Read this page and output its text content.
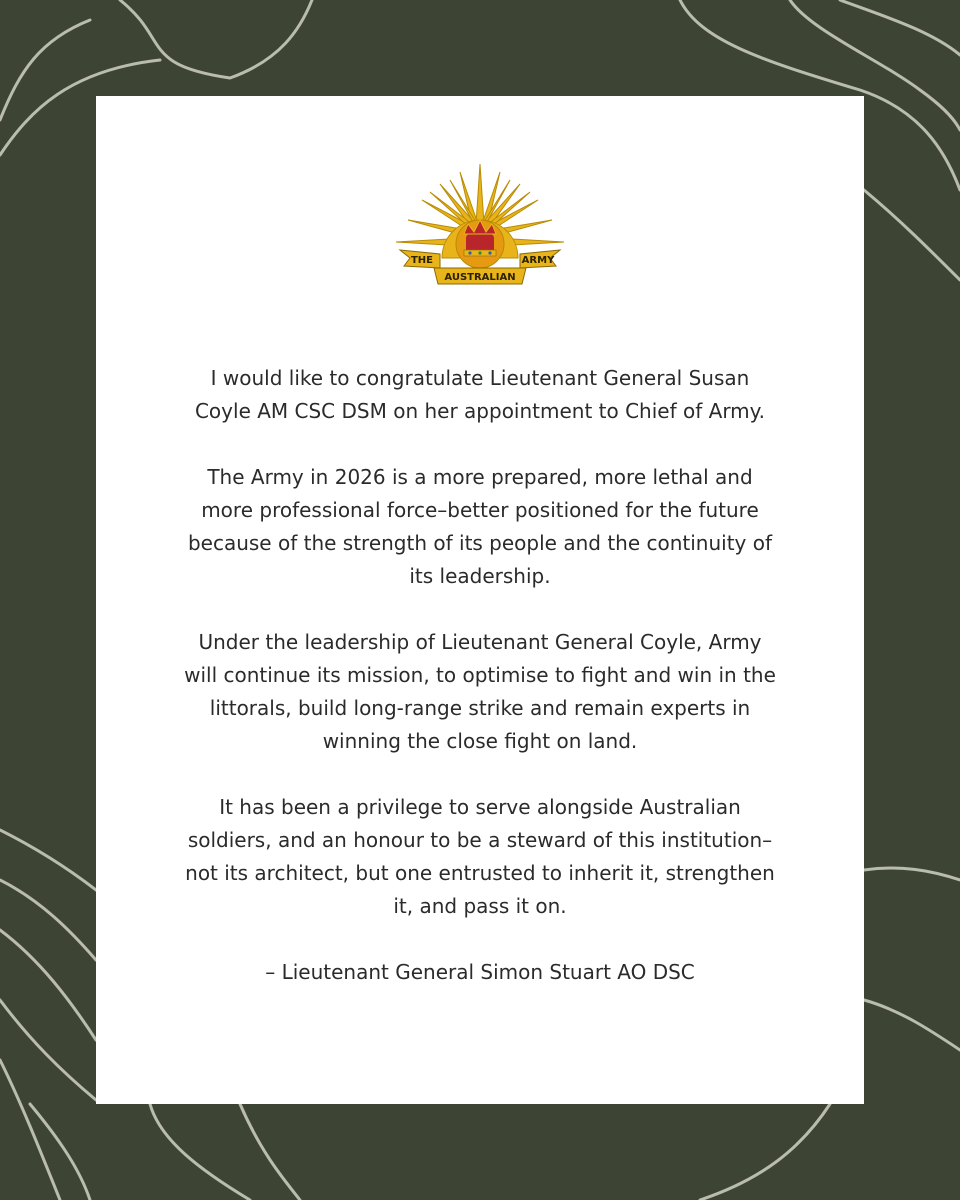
THE	ARMY
AUSTRALIAN

I would like to congratulate Lieutenant General Susan Coyle AM CSC DSM on her appointment to Chief of Army.

The Army in 2026 is a more prepared, more lethal and more professional force–better positioned for the future because of the strength of its people and the continuity of its leadership.

Under the leadership of Lieutenant General Coyle, Army will continue its mission, to optimise to fight and win in the littorals, build long-range strike and remain experts in winning the close fight on land.

It has been a privilege to serve alongside Australian soldiers, and an honour to be a steward of this institution–not its architect, but one entrusted to inherit it, strengthen it, and pass it on.

– Lieutenant General Simon Stuart AO DSC
